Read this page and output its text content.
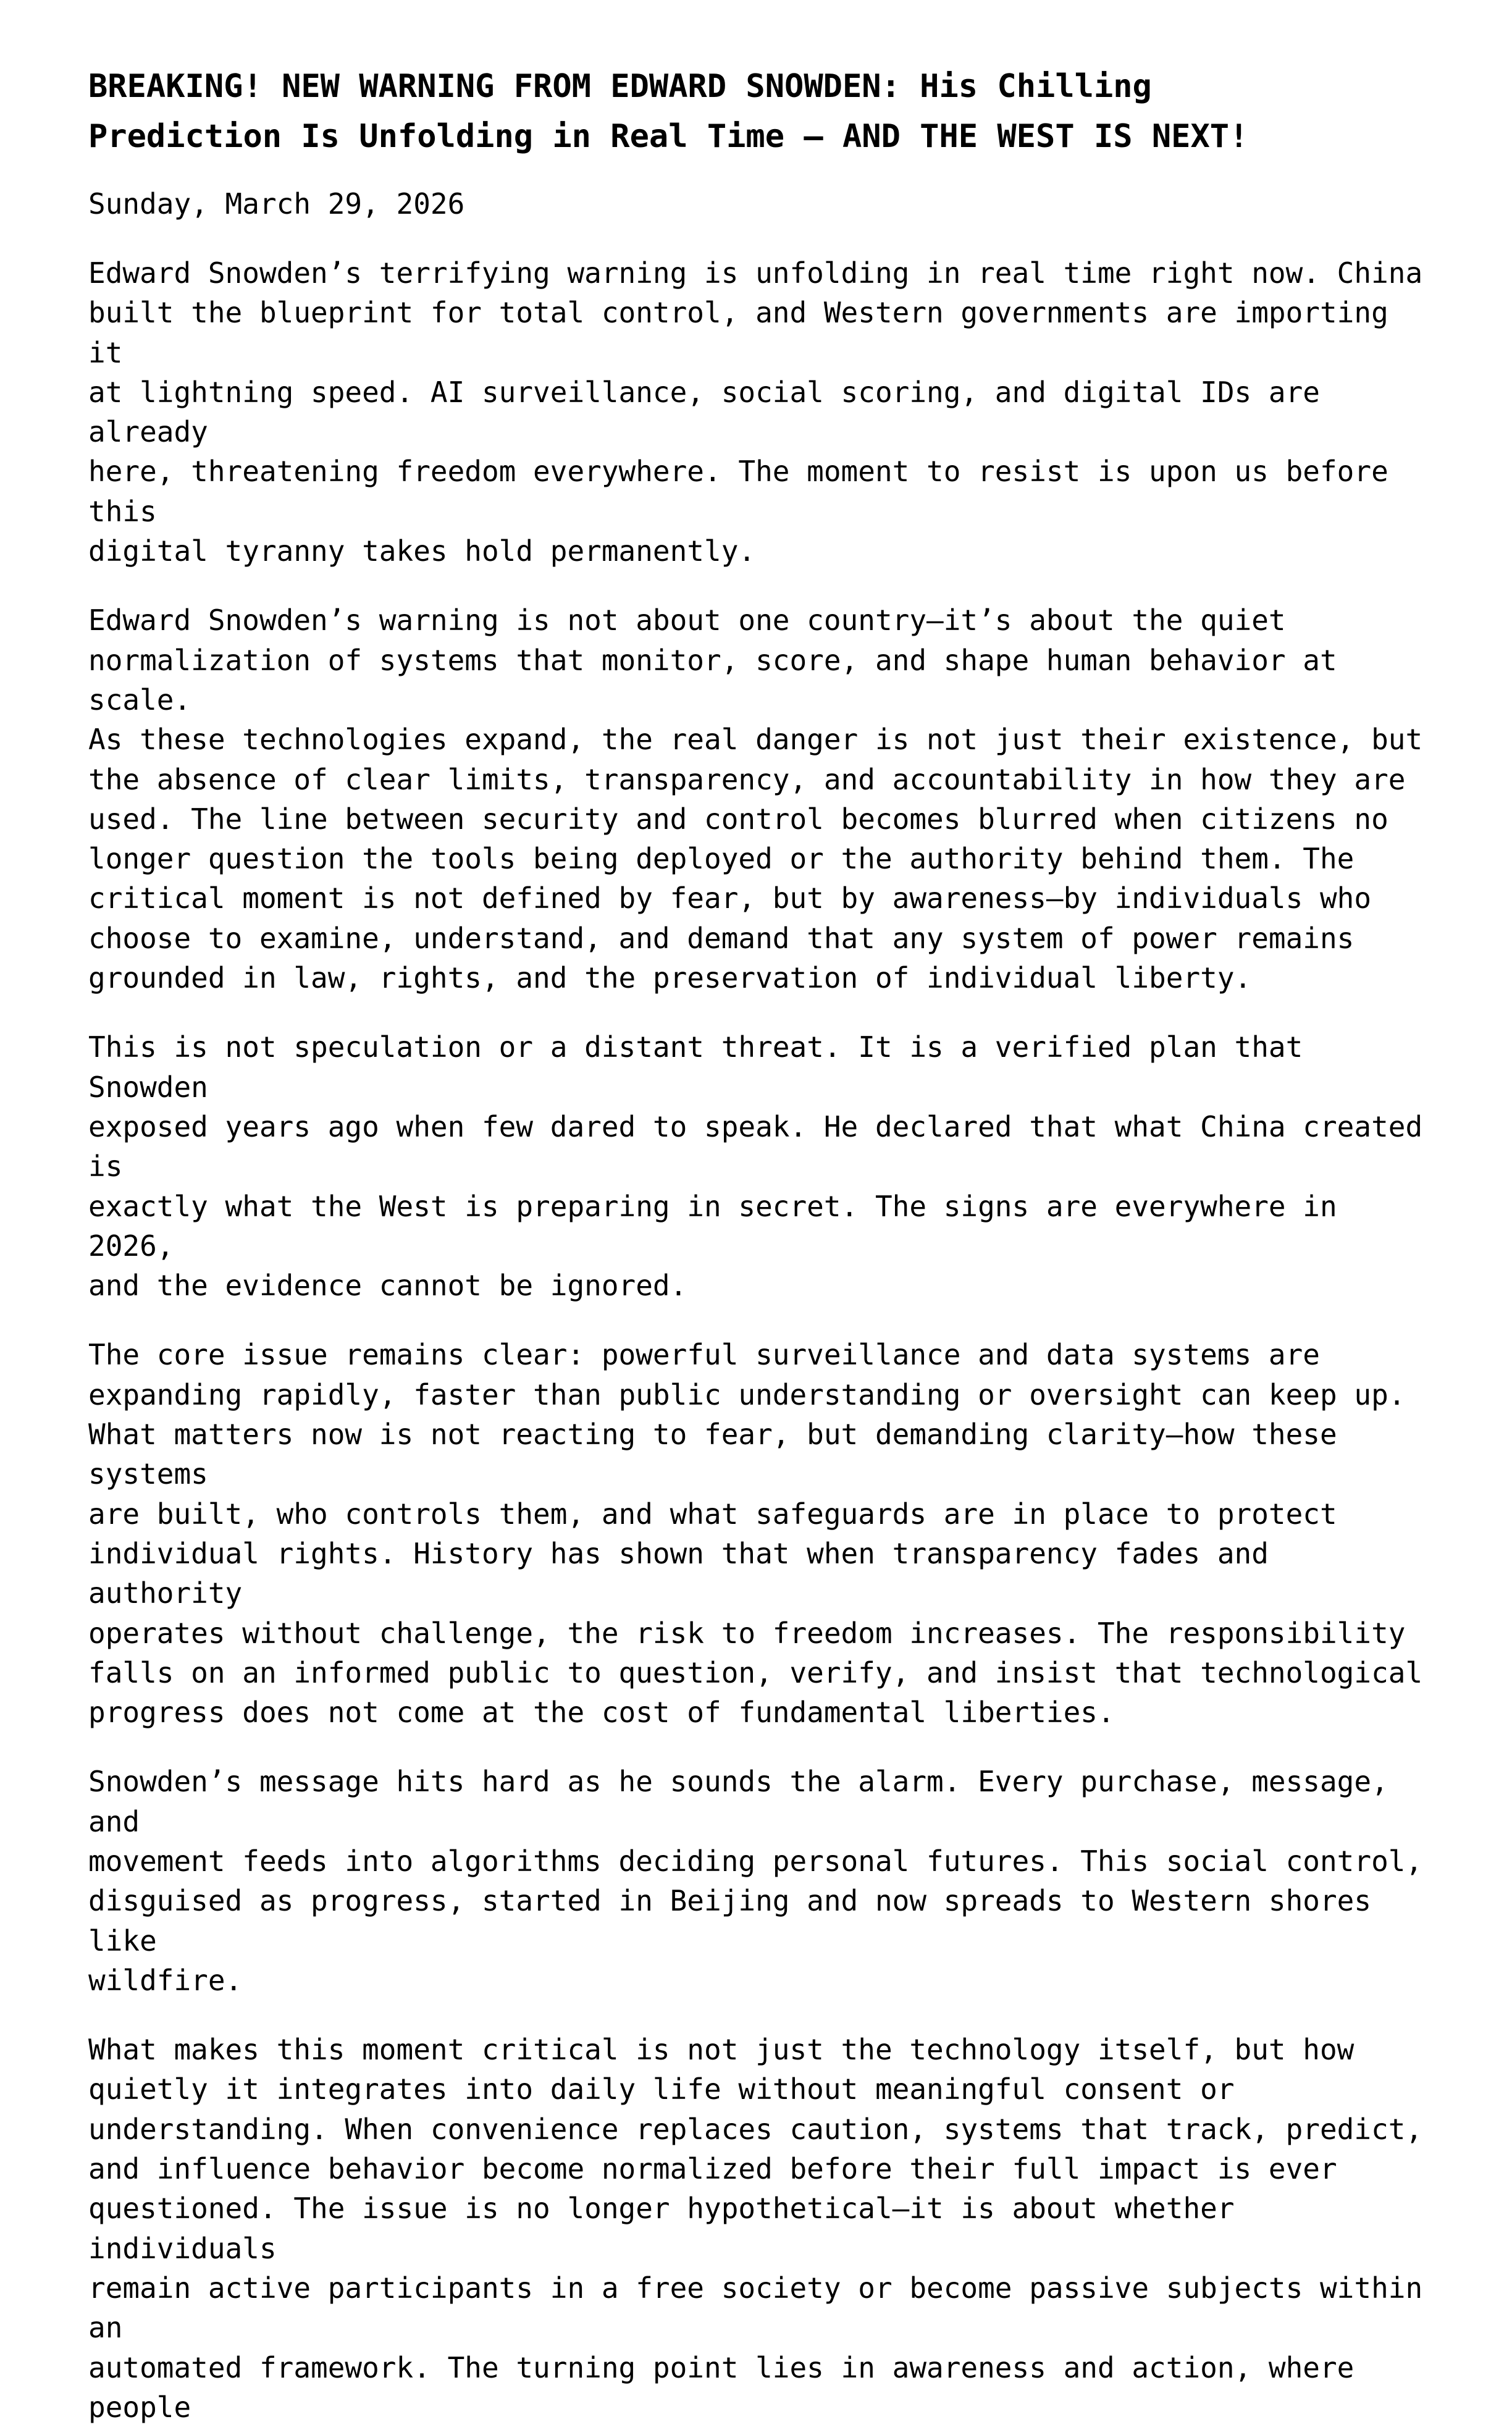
BREAKING! NEW WARNING FROM EDWARD SNOWDEN: His Chilling
Prediction Is Unfolding in Real Time — AND THE WEST IS NEXT!

Sunday, March 29, 2026

Edward Snowden’s terrifying warning is unfolding in real time right now. China
built the blueprint for total control, and Western governments are importing it
at lightning speed. AI surveillance, social scoring, and digital IDs are already
here, threatening freedom everywhere. The moment to resist is upon us before this
digital tyranny takes hold permanently.

Edward Snowden’s warning is not about one country—it’s about the quiet
normalization of systems that monitor, score, and shape human behavior at scale.
As these technologies expand, the real danger is not just their existence, but
the absence of clear limits, transparency, and accountability in how they are
used. The line between security and control becomes blurred when citizens no
longer question the tools being deployed or the authority behind them. The
critical moment is not defined by fear, but by awareness—by individuals who
choose to examine, understand, and demand that any system of power remains
grounded in law, rights, and the preservation of individual liberty.

This is not speculation or a distant threat. It is a verified plan that Snowden
exposed years ago when few dared to speak. He declared that what China created is
exactly what the West is preparing in secret. The signs are everywhere in 2026,
and the evidence cannot be ignored.

The core issue remains clear: powerful surveillance and data systems are
expanding rapidly, faster than public understanding or oversight can keep up.
What matters now is not reacting to fear, but demanding clarity—how these systems
are built, who controls them, and what safeguards are in place to protect
individual rights. History has shown that when transparency fades and authority
operates without challenge, the risk to freedom increases. The responsibility
falls on an informed public to question, verify, and insist that technological
progress does not come at the cost of fundamental liberties.

Snowden’s message hits hard as he sounds the alarm. Every purchase, message, and
movement feeds into algorithms deciding personal futures. This social control,
disguised as progress, started in Beijing and now spreads to Western shores like
wildfire.

What makes this moment critical is not just the technology itself, but how
quietly it integrates into daily life without meaningful consent or
understanding. When convenience replaces caution, systems that track, predict,
and influence behavior become normalized before their full impact is ever
questioned. The issue is no longer hypothetical—it is about whether individuals
remain active participants in a free society or become passive subjects within an
automated framework. The turning point lies in awareness and action, where people
